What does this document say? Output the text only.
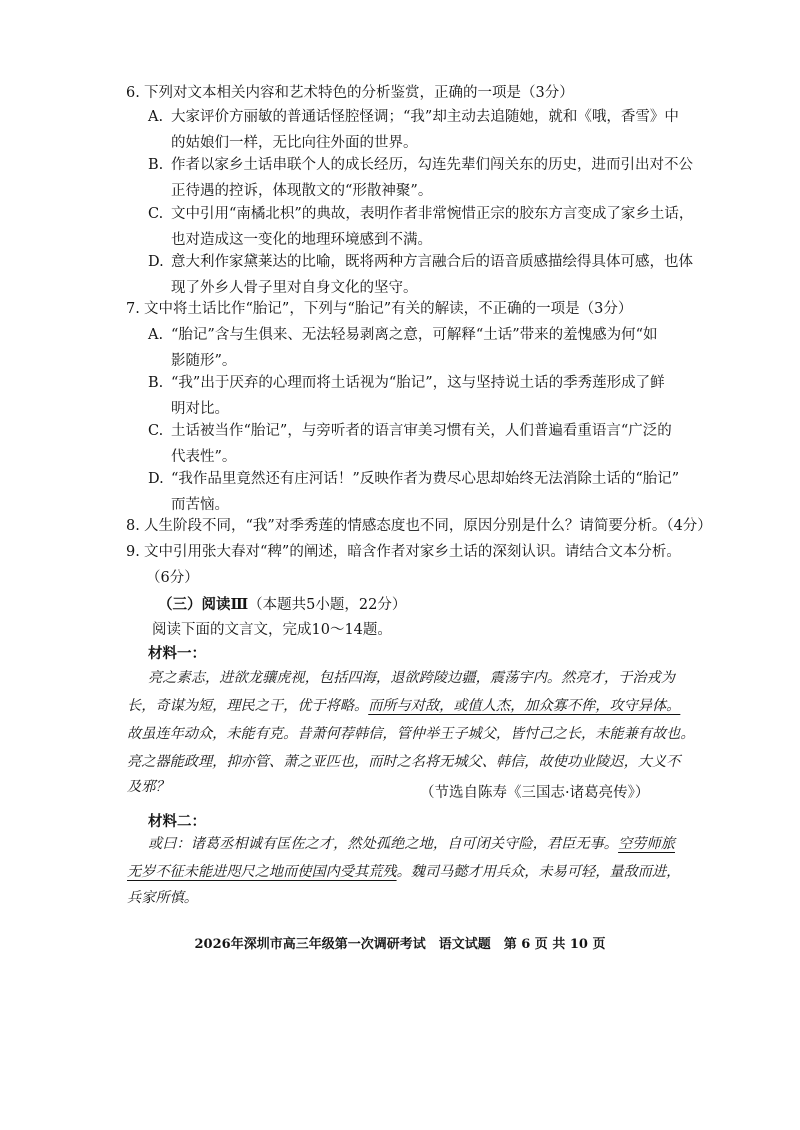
6. 下列对文本相关内容和艺术特色的分析鉴赏，正确的一项是（3分）
A. 大家评价方丽敏的普通话怪腔怪调；“我”却主动去追随她，就和《哦，香雪》中
的姑娘们一样，无比向往外面的世界。
B. 作者以家乡土话串联个人的成长经历，勾连先辈们闯关东的历史，进而引出对不公
正待遇的控诉，体现散文的“形散神聚”。
C. 文中引用“南橘北枳”的典故，表明作者非常惋惜正宗的胶东方言变成了家乡土话，
也对造成这一变化的地理环境感到不满。
D. 意大利作家黛莱达的比喻，既将两种方言融合后的语音质感描绘得具体可感，也体
现了外乡人骨子里对自身文化的坚守。
7. 文中将土话比作“胎记”，下列与“胎记”有关的解读，不正确的一项是（3分）
A. “胎记”含与生俱来、无法轻易剥离之意，可解释“土话”带来的羞愧感为何“如
影随形”。
B. “我”出于厌弃的心理而将土话视为“胎记”，这与坚持说土话的季秀莲形成了鲜
明对比。
C. 土话被当作“胎记”，与旁听者的语言审美习惯有关，人们普遍看重语言“广泛的
代表性”。
D. “我作品里竟然还有庄河话！”反映作者为费尽心思却始终无法消除土话的“胎记”
而苦恼。
8. 人生阶段不同，“我”对季秀莲的情感态度也不同，原因分别是什么？请简要分析。（4分）
9. 文中引用张大春对“稗”的阐述，暗含作者对家乡土话的深刻认识。请结合文本分析。
（6分）
（三）阅读Ⅲ（本题共5小题，22分）
阅读下面的文言文，完成10～14题。
材料一：
亮之素志，进欲龙骧虎视，包括四海，退欲跨陵边疆，震荡宇内。然亮才，于治戎为
长，奇谋为短，理民之干，优于将略。而所与对敌，或值人杰，加众寡不侔，攻守异体。
故虽连年动众，未能有克。昔萧何荐韩信，管仲举王子城父，皆忖己之长，未能兼有故也。
亮之器能政理，抑亦管、萧之亚匹也，而时之名将无城父、韩信，故使功业陵迟，大义不
及邪？	（节选自陈寿《三国志·诸葛亮传》）
材料二：
或曰：诸葛丞相诚有匡佐之才，然处孤绝之地，自可闭关守险，君臣无事。空劳师旅
无岁不征未能进咫尺之地而使国内受其荒残。魏司马懿才用兵众，未易可轻，量敌而进，
兵家所慎。
2026年深圳市高三年级第一次调研考试　语文试题　第 6 页 共 10 页
